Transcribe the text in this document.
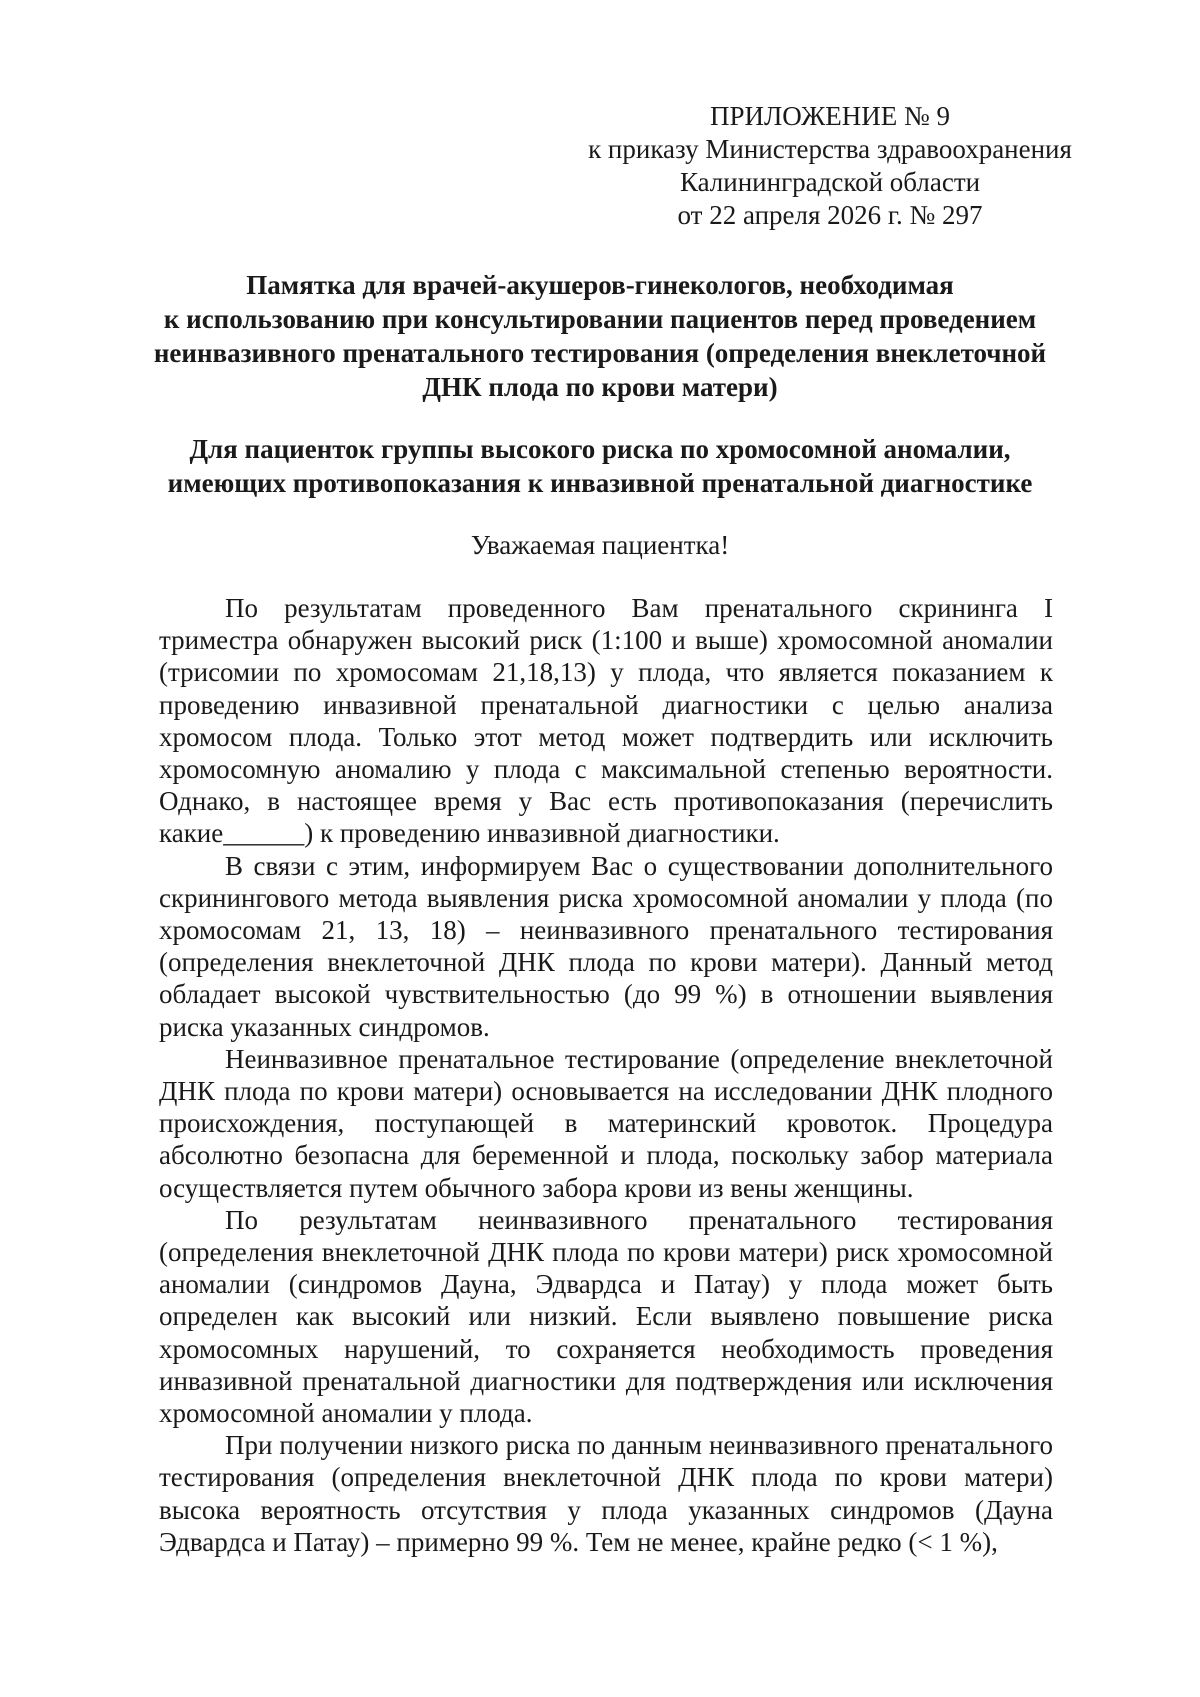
ПРИЛОЖЕНИЕ № 9
к приказу Министерства здравоохранения
Калининградской области
от 22 апреля 2026 г. № 297
Памятка для врачей-акушеров-гинекологов, необходимая
к использованию при консультировании пациентов перед проведением
неинвазивного пренатального тестирования (определения внеклеточной
ДНК плода по крови матери)
Для пациенток группы высокого риска по хромосомной аномалии,
имеющих противопоказания к инвазивной пренатальной диагностике
Уважаемая пациентка!

По результатам проведенного Вам пренатального скрининга I триместра обнаружен высокий риск (1:100 и выше) хромосомной аномалии (трисомии по хромосомам 21,18,13) у плода, что является показанием к проведению инвазивной пренатальной диагностики с целью анализа хромосом плода. Только этот метод может подтвердить или исключить хромосомную аномалию у плода с максимальной степенью вероятности. Однако, в настоящее время у Вас есть противопоказания (перечислить какие______) к проведению инвазивной диагностики.

В связи с этим, информируем Вас о существовании дополнительного скринингового метода выявления риска хромосомной аномалии у плода (по хромосомам 21, 13, 18) – неинвазивного пренатального тестирования (определения внеклеточной ДНК плода по крови матери). Данный метод обладает высокой чувствительностью (до 99 %) в отношении выявления риска указанных синдромов.

Неинвазивное пренатальное тестирование (определение внеклеточной ДНК плода по крови матери) основывается на исследовании ДНК плодного происхождения, поступающей в материнский кровоток. Процедура абсолютно безопасна для беременной и плода, поскольку забор материала осуществляется путем обычного забора крови из вены женщины.

По результатам неинвазивного пренатального тестирования (определения внеклеточной ДНК плода по крови матери) риск хромосомной аномалии (синдромов Дауна, Эдвардса и Патау) у плода может быть определен как высокий или низкий. Если выявлено повышение риска хромосомных нарушений, то сохраняется необходимость проведения инвазивной пренатальной диагностики для подтверждения или исключения хромосомной аномалии у плода.

При получении низкого риска по данным неинвазивного пренатального тестирования (определения внеклеточной ДНК плода по крови матери) высока вероятность отсутствия у плода указанных синдромов (Дауна Эдвардса и Патау) – примерно 99 %. Тем не менее, крайне редко (< 1 %),
